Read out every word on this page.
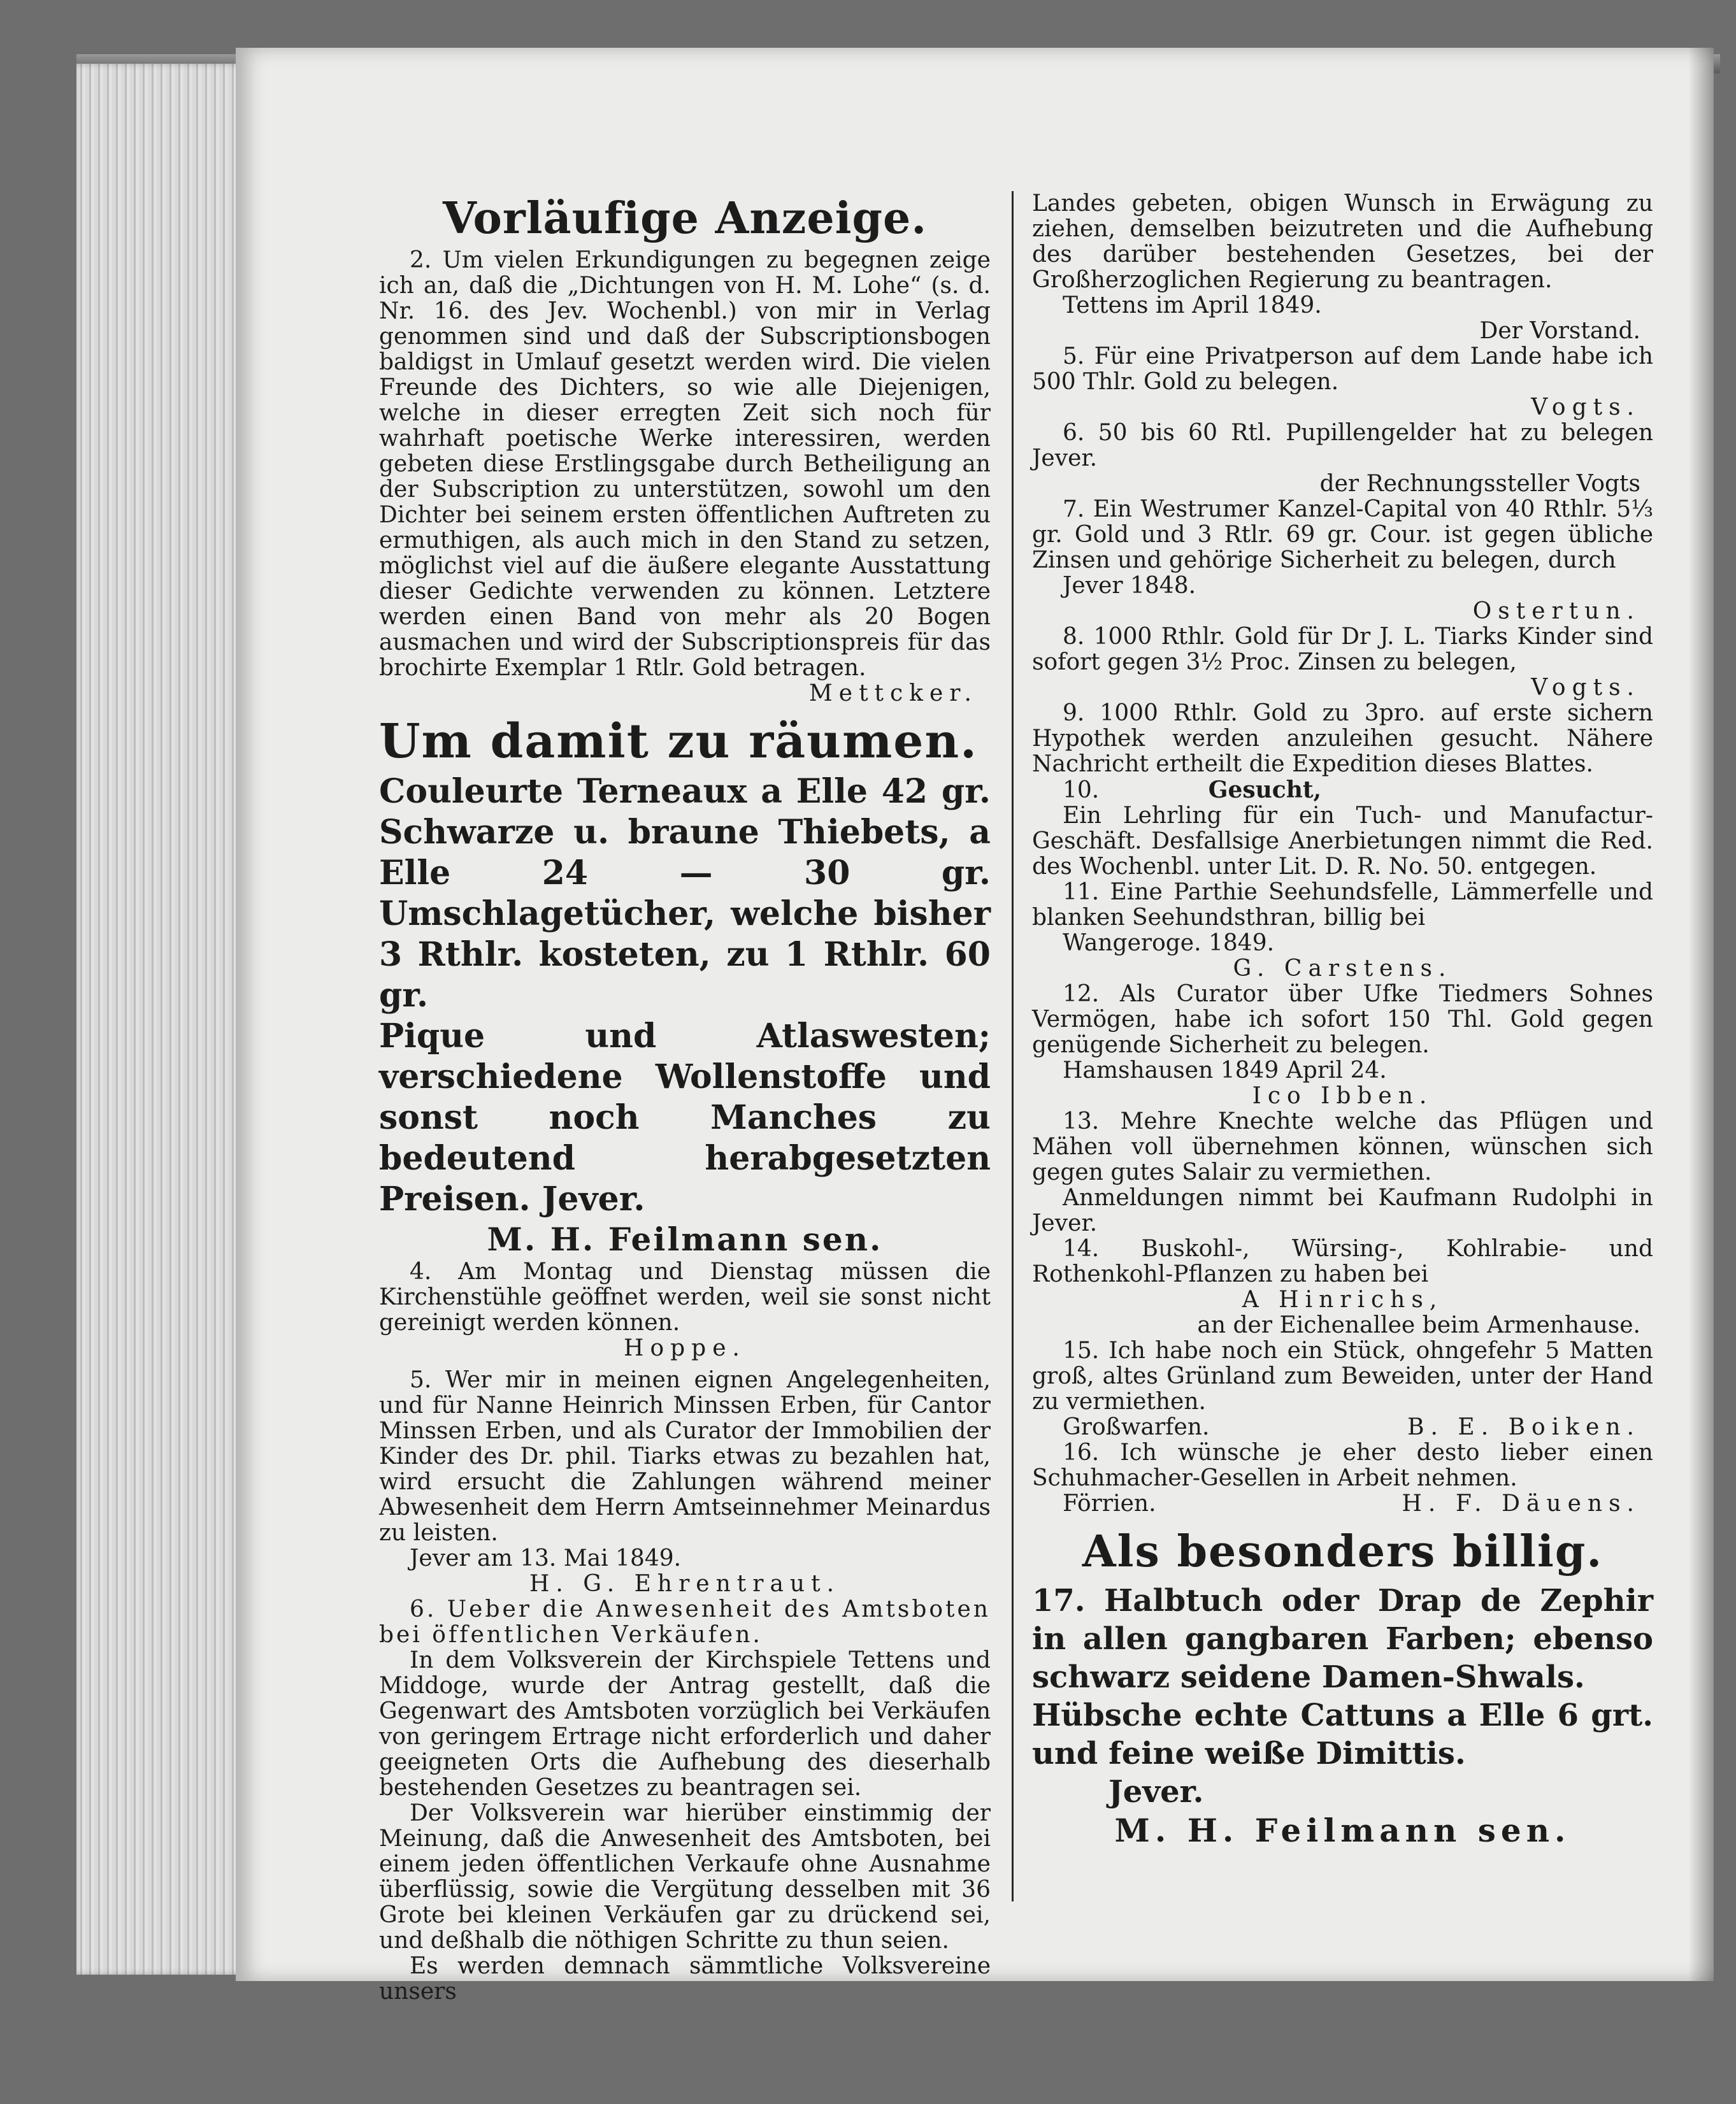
Vorläufige Anzeige.

2. Um vielen Erkundigungen zu begegnen zeige ich an, daß die „Dichtungen von H. M. Lohe“ (s. d. Nr. 16. des Jev. Wochenbl.) von mir in Verlag genommen sind und daß der Subscriptionsbogen baldigst in Umlauf gesetzt werden wird. Die vielen Freunde des Dichters, so wie alle Diejenigen, welche in dieser erregten Zeit sich noch für wahrhaft poetische Werke interessiren, werden gebeten diese Erstlingsgabe durch Betheiligung an der Subscription zu unterstützen, sowohl um den Dichter bei seinem ersten öffentlichen Auftreten zu ermuthigen, als auch mich in den Stand zu setzen, möglichst viel auf die äußere elegante Ausstattung dieser Gedichte verwenden zu können. Letztere werden einen Band von mehr als 20 Bogen ausmachen und wird der Subscriptionspreis für das brochirte Exemplar 1 Rtlr. Gold betragen.

Mettcker.

Um damit zu räumen.

Couleurte Terneaux a Elle 42 gr. Schwarze u. braune Thiebets, a Elle 24 — 30 gr. Umschlagetücher, welche bisher 3 Rthlr. kosteten, zu 1 Rthlr. 60 gr.

Pique und Atlaswesten; verschiedene Wollenstoffe und sonst noch Manches zu bedeutend herabgesetzten Preisen. Jever.

M. H. Feilmann sen.

4. Am Montag und Dienstag müssen die Kirchenstühle geöffnet werden, weil sie sonst nicht gereinigt werden können.

Hoppe.

5. Wer mir in meinen eignen Angelegenheiten, und für Nanne Heinrich Minssen Erben, für Cantor Minssen Erben, und als Curator der Immobilien der Kinder des Dr. phil. Tiarks etwas zu bezahlen hat, wird ersucht die Zahlungen während meiner Abwesenheit dem Herrn Amtseinnehmer Meinardus zu leisten.

Jever am 13. Mai 1849.

H. G. Ehrentraut.

6. Ueber die Anwesenheit des Amtsboten bei öffentlichen Verkäufen.

In dem Volksverein der Kirchspiele Tettens und Middoge, wurde der Antrag gestellt, daß die Gegenwart des Amtsboten vorzüglich bei Verkäufen von geringem Ertrage nicht erforderlich und daher geeigneten Orts die Aufhebung des dieserhalb bestehenden Gesetzes zu beantragen sei.

Der Volksverein war hierüber einstimmig der Meinung, daß die Anwesenheit des Amtsboten, bei einem jeden öffentlichen Verkaufe ohne Ausnahme überflüssig, sowie die Vergütung desselben mit 36 Grote bei kleinen Verkäufen gar zu drückend sei, und deßhalb die nöthigen Schritte zu thun seien.

Es werden demnach sämmtliche Volksvereine unsers

Landes gebeten, obigen Wunsch in Erwägung zu ziehen, demselben beizutreten und die Aufhebung des darüber bestehenden Gesetzes, bei der Großherzoglichen Regierung zu beantragen.

Tettens im April 1849.

Der Vorstand.

5. Für eine Privatperson auf dem Lande habe ich 500 Thlr. Gold zu belegen.

Vogts.

6. 50 bis 60 Rtl. Pupillengelder hat zu belegen Jever.

der Rechnungssteller Vogts

7. Ein Westrumer Kanzel-Capital von 40 Rthlr. 5⅓ gr. Gold und 3 Rtlr. 69 gr. Cour. ist gegen übliche Zinsen und gehörige Sicherheit zu belegen, durch

Jever 1848.

Ostertun.

8. 1000 Rthlr. Gold für Dr J. L. Tiarks Kinder sind sofort gegen 3½ Proc. Zinsen zu belegen,

Vogts.

9. 1000 Rthlr. Gold zu 3pro. auf erste sichern Hypothek werden anzuleihen gesucht. Nähere Nachricht ertheilt die Expedition dieses Blattes.

10.	Gesucht,

Ein Lehrling für ein Tuch- und Manufactur-Geschäft. Desfallsige Anerbietungen nimmt die Red. des Wochenbl. unter Lit. D. R. No. 50. entgegen.

11. Eine Parthie Seehundsfelle, Lämmerfelle und blanken Seehundsthran, billig bei

Wangeroge. 1849.

G. Carstens.

12. Als Curator über Ufke Tiedmers Sohnes Vermögen, habe ich sofort 150 Thl. Gold gegen genügende Sicherheit zu belegen.

Hamshausen 1849 April 24.

Ico Ibben.

13. Mehre Knechte welche das Pflügen und Mähen voll übernehmen können, wünschen sich gegen gutes Salair zu vermiethen.

Anmeldungen nimmt bei Kaufmann Rudolphi in Jever.

14. Buskohl-, Würsing-, Kohlrabie- und Rothenkohl-Pflanzen zu haben bei

A Hinrichs,

an der Eichenallee beim Armenhause.

15. Ich habe noch ein Stück, ohngefehr 5 Matten groß, altes Grünland zum Beweiden, unter der Hand zu vermiethen.

Großwarfen.	B. E. Boiken.

16. Ich wünsche je eher desto lieber einen Schuhmacher-Gesellen in Arbeit nehmen.

Förrien.	H. F. Däuens.

Als besonders billig.

17. Halbtuch oder Drap de Zephir in allen gangbaren Farben; ebenso schwarz seidene Damen-Shwals.

Hübsche echte Cattuns a Elle 6 grt. und feine weiße Dimittis.

Jever.

M. H. Feilmann sen.
